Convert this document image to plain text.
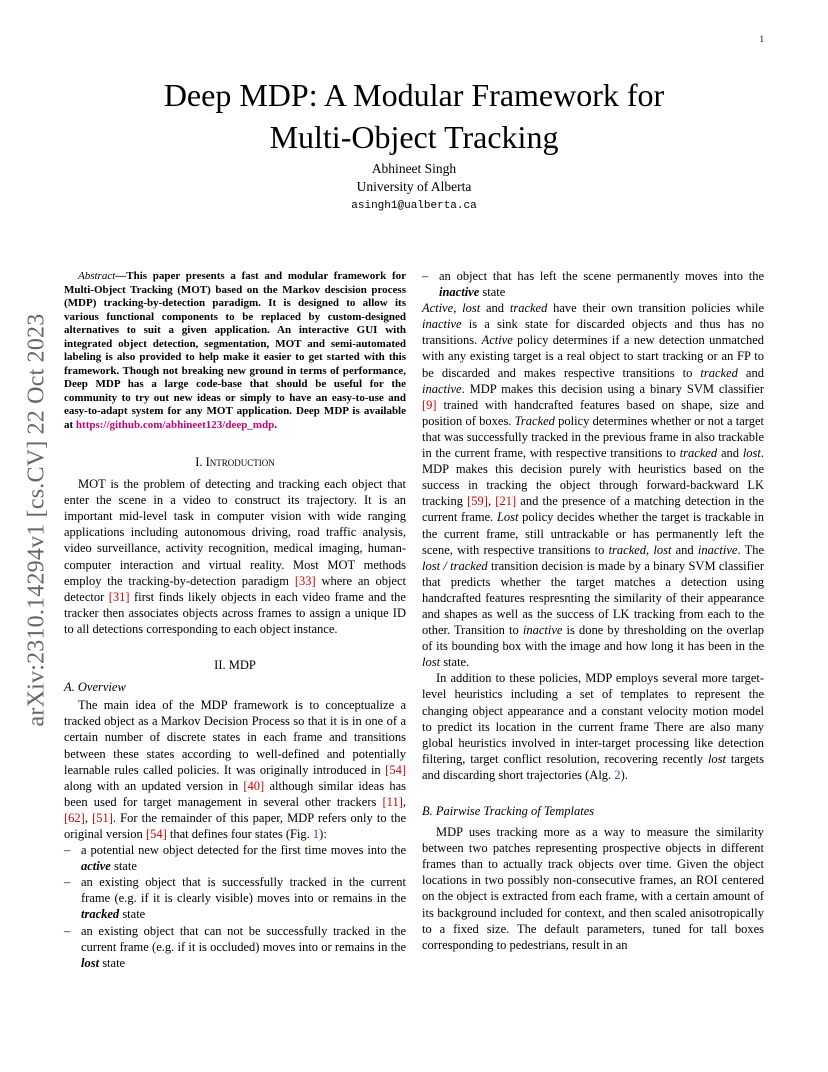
1
arXiv:2310.14294v1 [cs.CV] 22 Oct 2023
Deep MDP: A Modular Framework for
Multi-Object Tracking
Abhineet Singh
University of Alberta
asingh1@ualberta.ca

Abstract—This paper presents a fast and modular framework for Multi-Object Tracking (MOT) based on the Markov descision process (MDP) tracking-by-detection paradigm. It is designed to allow its various functional components to be replaced by custom-designed alternatives to suit a given application. An interactive GUI with integrated object detection, segmentation, MOT and semi-automated labeling is also provided to help make it easier to get started with this framework. Though not breaking new ground in terms of performance, Deep MDP has a large code-base that should be useful for the community to try out new ideas or simply to have an easy-to-use and easy-to-adapt system for any MOT application. Deep MDP is available at https://github.com/abhineet123/deep_mdp.

I. Introduction

MOT is the problem of detecting and tracking each object that enter the scene in a video to construct its trajectory. It is an important mid-level task in computer vision with wide ranging applications including autonomous driving, road traffic analysis, video surveillance, activity recognition, medical imaging, human-computer interaction and virtual reality. Most MOT methods employ the tracking-by-detection paradigm [33] where an object detector [31] first finds likely objects in each video frame and the tracker then associates objects across frames to assign a unique ID to all detections corresponding to each object instance.

II. MDP
A. Overview

The main idea of the MDP framework is to conceptualize a tracked object as a Markov Decision Process so that it is in one of a certain number of discrete states in each frame and transitions between these states according to well-defined and potentially learnable rules called policies. It was originally introduced in [54] along with an updated version in [40] although similar ideas has been used for target management in several other trackers [11], [62], [51]. For the remainder of this paper, MDP refers only to the original version [54] that defines four states (Fig. 1):

– a potential new object detected for the first time moves into the active state
– an existing object that is successfully tracked in the current frame (e.g. if it is clearly visible) moves into or remains in the tracked state
– an existing object that can not be successfully tracked in the current frame (e.g. if it is occluded) moves into or remains in the lost state
– an object that has left the scene permanently moves into the inactive state

Active, lost and tracked have their own transition policies while inactive is a sink state for discarded objects and thus has no transitions. Active policy determines if a new detection unmatched with any existing target is a real object to start tracking or an FP to be discarded and makes respective transitions to tracked and inactive. MDP makes this decision using a binary SVM classifier [9] trained with handcrafted features based on shape, size and position of boxes. Tracked policy determines whether or not a target that was successfully tracked in the previous frame in also trackable in the current frame, with respective transitions to tracked and lost. MDP makes this decision purely with heuristics based on the success in tracking the object through forward-backward LK tracking [59], [21] and the presence of a matching detection in the current frame. Lost policy decides whether the target is trackable in the current frame, still untrackable or has permanently left the scene, with respective transitions to tracked, lost and inactive. The lost / tracked transition decision is made by a binary SVM classifier that predicts whether the target matches a detection using handcrafted features respresnting the similarity of their appearance and shapes as well as the success of LK tracking from each to the other. Transition to inactive is done by thresholding on the overlap of its bounding box with the image and how long it has been in the lost state.

In addition to these policies, MDP employs several more target-level heuristics including a set of templates to represent the changing object appearance and a constant velocity motion model to predict its location in the current frame There are also many global heuristics involved in inter-target processing like detection filtering, target conflict resolution, recovering recently lost targets and discarding short trajectories (Alg. 2).

B. Pairwise Tracking of Templates

MDP uses tracking more as a way to measure the similarity between two patches representing prospective objects in different frames than to actually track objects over time. Given the object locations in two possibly non-consecutive frames, an ROI centered on the object is extracted from each frame, with a certain amount of its background included for context, and then scaled anisotropically to a fixed size. The default parameters, tuned for tall boxes corresponding to pedestrians, result in an
